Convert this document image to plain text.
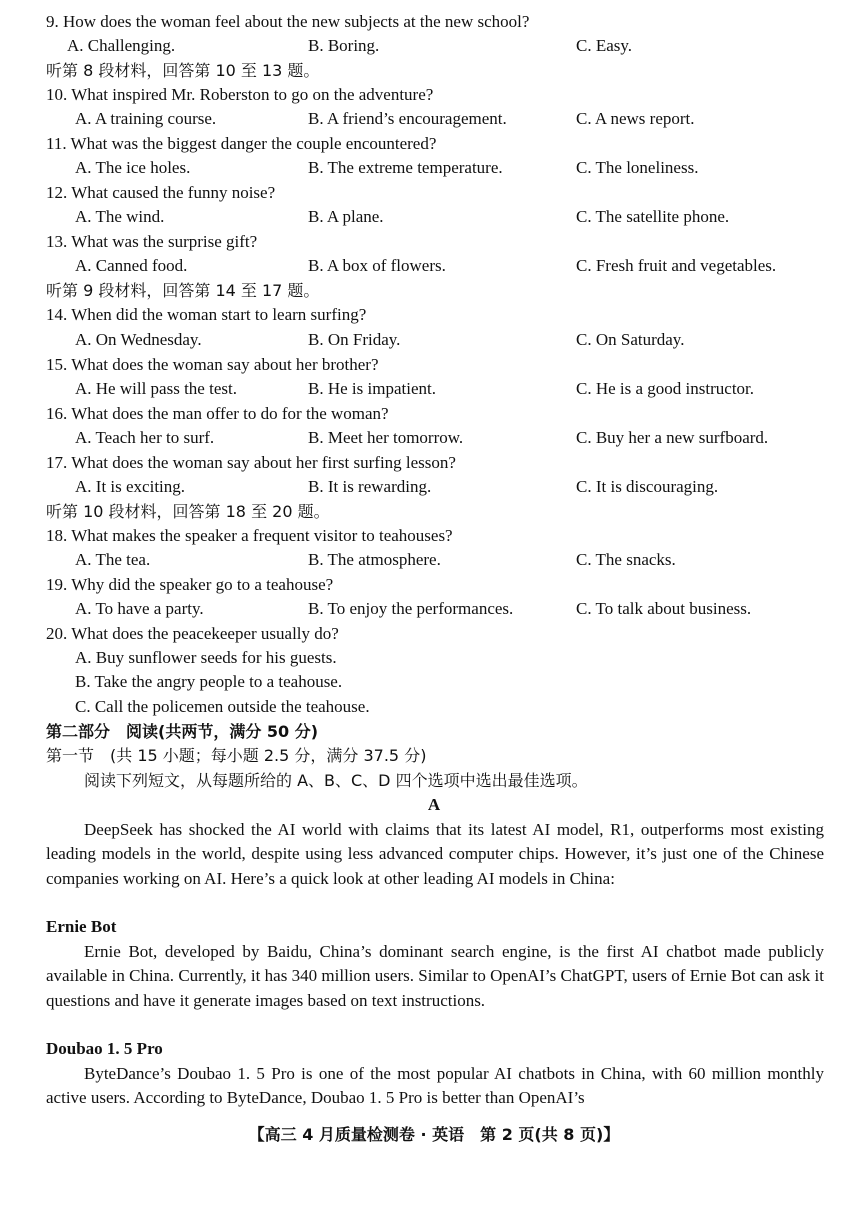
9. How does the woman feel about the new subjects at the new school?
A. Challenging.	B. Boring.	C. Easy.
听第 8 段材料，回答第 10 至 13 题。
10. What inspired Mr. Roberston to go on the adventure?
A. A training course.	B. A friend’s encouragement.	C. A news report.
11. What was the biggest danger the couple encountered?
A. The ice holes.	B. The extreme temperature.	C. The loneliness.
12. What caused the funny noise?
A. The wind.	B. A plane.	C. The satellite phone.
13. What was the surprise gift?
A. Canned food.	B. A box of flowers.	C. Fresh fruit and vegetables.
听第 9 段材料，回答第 14 至 17 题。
14. When did the woman start to learn surfing?
A. On Wednesday.	B. On Friday.	C. On Saturday.
15. What does the woman say about her brother?
A. He will pass the test.	B. He is impatient.	C. He is a good instructor.
16. What does the man offer to do for the woman?
A. Teach her to surf.	B. Meet her tomorrow.	C. Buy her a new surfboard.
17. What does the woman say about her first surfing lesson?
A. It is exciting.	B. It is rewarding.	C. It is discouraging.
听第 10 段材料，回答第 18 至 20 题。
18. What makes the speaker a frequent visitor to teahouses?
A. The tea.	B. The atmosphere.	C. The snacks.
19. Why did the speaker go to a teahouse?
A. To have a party.	B. To enjoy the performances.	C. To talk about business.
20. What does the peacekeeper usually do?
A. Buy sunflower seeds for his guests.
B. Take the angry people to a teahouse.
C. Call the policemen outside the teahouse.
第二部分　阅读(共两节，满分 50 分)
第一节　(共 15 小题；每小题 2.5 分，满分 37.5 分)
阅读下列短文，从每题所给的 A、B、C、D 四个选项中选出最佳选项。
A

DeepSeek has shocked the AI world with claims that its latest AI model, R1, outperforms most existing leading models in the world, despite using less advanced computer chips. However, it’s just one of the Chinese companies working on AI. Here’s a quick look at other leading AI models in China:

Ernie Bot

Ernie Bot, developed by Baidu, China’s dominant search engine, is the first AI chatbot made publicly available in China. Currently, it has 340 million users. Similar to OpenAI’s ChatGPT, users of Ernie Bot can ask it questions and have it generate images based on text instructions.

Doubao 1. 5 Pro

ByteDance’s Doubao 1. 5 Pro is one of the most popular AI chatbots in China, with 60 million monthly active users. According to ByteDance, Doubao 1. 5 Pro is better than OpenAI’s

【高三 4 月质量检测卷 · 英语　第 2 页(共 8 页)】
